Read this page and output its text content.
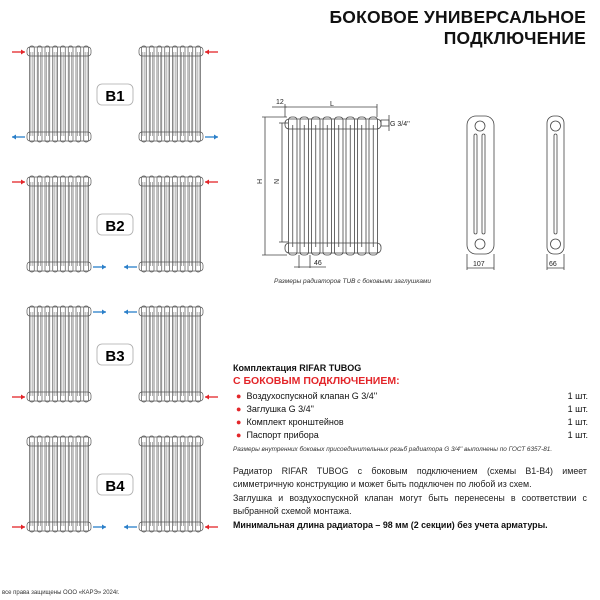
B1
B2
B3
B4
12	L
G 3/4''
H N
46	107	66
БОКОВОЕ УНИВЕРСАЛЬНОЕ
ПОДКЛЮЧЕНИЕ
Размеры радиаторов TUB с боковыми заглушками
Комплектация RIFAR TUBOG
С БОКОВЫМ ПОДКЛЮЧЕНИЕМ:
● Воздухоспускной клапан G 3/4''	1 шт.
● Заглушка G 3/4''	1 шт.
● Комплект кронштейнов	1 шт.
● Паспорт прибора	1 шт.
Размеры внутренних боковых присоединительных резьб радиатора G 3/4'' выполнены по ГОСТ 6357-81.
Радиатор RIFAR TUBOG с боковым подключением (схемы В1-В4) имеет симметричную конструкцию и может быть подключен по любой из схем.
Заглушка и воздухоспускной клапан могут быть перенесены в соответствии с выбранной схемой монтажа.
Минимальная длина радиатора – 98 мм (2 секции) без учета арматуры.
все права защищены ООО «КАРЭ» 2024г.
